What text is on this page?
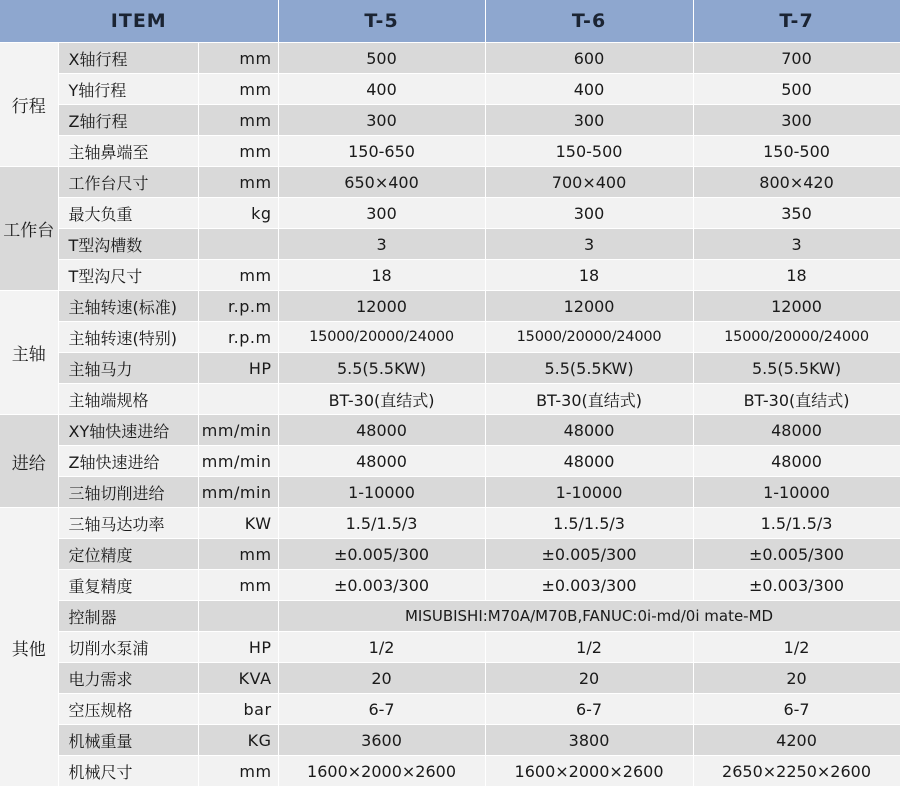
ITEM			T-5	T-6	T-7
行程	X轴行程	mm	500	600	700
	Y轴行程	mm	400	400	500
	Z轴行程	mm	300	300	300
	主轴鼻端至	mm	150-650	150-500	150-500
工作台	工作台尺寸	mm	650×400	700×400	800×420
	最大负重	kg	300	300	350
	T型沟槽数		3	3	3
	T型沟尺寸	mm	18	18	18
主轴	主轴转速(标准)	r.p.m	12000	12000	12000
	主轴转速(特别)	r.p.m	15000/20000/24000	15000/20000/24000	15000/20000/24000
	主轴马力	HP	5.5(5.5KW)	5.5(5.5KW)	5.5(5.5KW)
	主轴端规格		BT-30(直结式)	BT-30(直结式)	BT-30(直结式)
进给	XY轴快速进给	mm/min	48000	48000	48000
	Z轴快速进给	mm/min	48000	48000	48000
	三轴切削进给	mm/min	1-10000	1-10000	1-10000
其他	三轴马达功率	KW	1.5/1.5/3	1.5/1.5/3	1.5/1.5/3
	定位精度	mm	±0.005/300	±0.005/300	±0.005/300
	重复精度	mm	±0.003/300	±0.003/300	±0.003/300
	控制器		MISUBISHI:M70A/M70B,FANUC:0i-md/0i mate-MD		
	切削水泵浦	HP	1/2	1/2	1/2
	电力需求	KVA	20	20	20
	空压规格	bar	6-7	6-7	6-7
	机械重量	KG	3600	3800	4200
	机械尺寸	mm	1600×2000×2600	1600×2000×2600	2650×2250×2600
